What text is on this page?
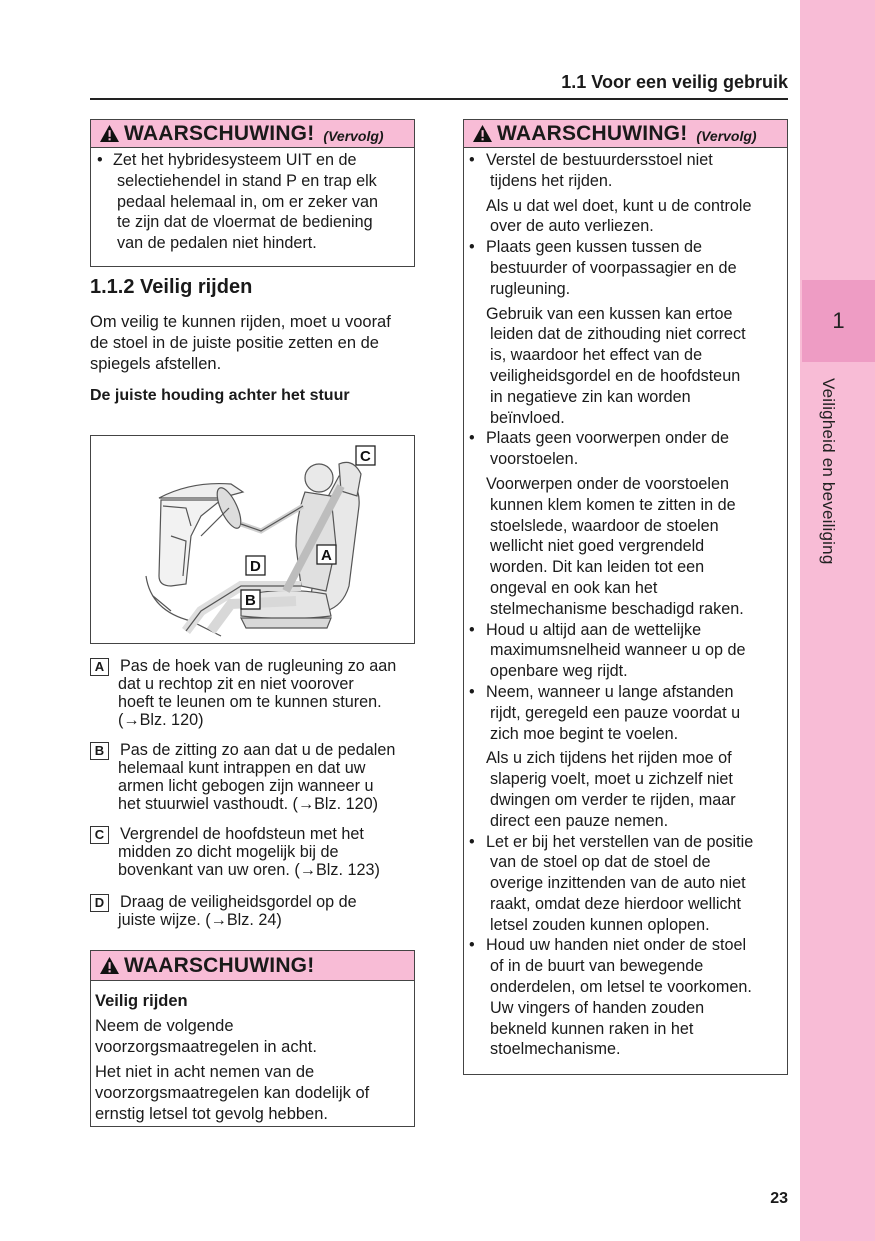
1
Veiligheid en beveiliging
1.1 Voor een veilig gebruik
WAARSCHUWING! (Vervolg)
• Zet het hybridesysteem UIT en de
selectiehendel in stand P en trap elk
pedaal helemaal in, om er zeker van
te zijn dat de vloermat de bediening
van de pedalen niet hindert.
1.1.2 Veilig rijden
Om veilig te kunnen rijden, moet u vooraf
de stoel in de juiste positie zetten en de
spiegels afstellen.
De juiste houding achter het stuur
C
A
D
B
A Pas de hoek van de rugleuning zo aan
dat u rechtop zit en niet voorover
hoeft te leunen om te kunnen sturen.
(→Blz. 120)
B Pas de zitting zo aan dat u de pedalen
helemaal kunt intrappen en dat uw
armen licht gebogen zijn wanneer u
het stuurwiel vasthoudt. (→Blz. 120)
C Vergrendel de hoofdsteun met het
midden zo dicht mogelijk bij de
bovenkant van uw oren. (→Blz. 123)
D Draag de veiligheidsgordel op de
juiste wijze. (→Blz. 24)
WAARSCHUWING!
Veilig rijden

Neem de volgende
voorzorgsmaatregelen in acht.

Het niet in acht nemen van de
voorzorgsmaatregelen kan dodelijk of
ernstig letsel tot gevolg hebben.

WAARSCHUWING! (Vervolg)
• Verstel de bestuurdersstoel niet
tijdens het rijden.
Als u dat wel doet, kunt u de controle
over de auto verliezen.
• Plaats geen kussen tussen de
bestuurder of voorpassagier en de
rugleuning.
Gebruik van een kussen kan ertoe
leiden dat de zithouding niet correct
is, waardoor het effect van de
veiligheidsgordel en de hoofdsteun
in negatieve zin kan worden
beïnvloed.
• Plaats geen voorwerpen onder de
voorstoelen.
Voorwerpen onder de voorstoelen
kunnen klem komen te zitten in de
stoelslede, waardoor de stoelen
wellicht niet goed vergrendeld
worden. Dit kan leiden tot een
ongeval en ook kan het
stelmechanisme beschadigd raken.
• Houd u altijd aan de wettelijke
maximumsnelheid wanneer u op de
openbare weg rijdt.
• Neem, wanneer u lange afstanden
rijdt, geregeld een pauze voordat u
zich moe begint te voelen.
Als u zich tijdens het rijden moe of
slaperig voelt, moet u zichzelf niet
dwingen om verder te rijden, maar
direct een pauze nemen.
• Let er bij het verstellen van de positie
van de stoel op dat de stoel de
overige inzittenden van de auto niet
raakt, omdat deze hierdoor wellicht
letsel zouden kunnen oplopen.
• Houd uw handen niet onder de stoel
of in de buurt van bewegende
onderdelen, om letsel te voorkomen.
Uw vingers of handen zouden
bekneld kunnen raken in het
stoelmechanisme.
23
